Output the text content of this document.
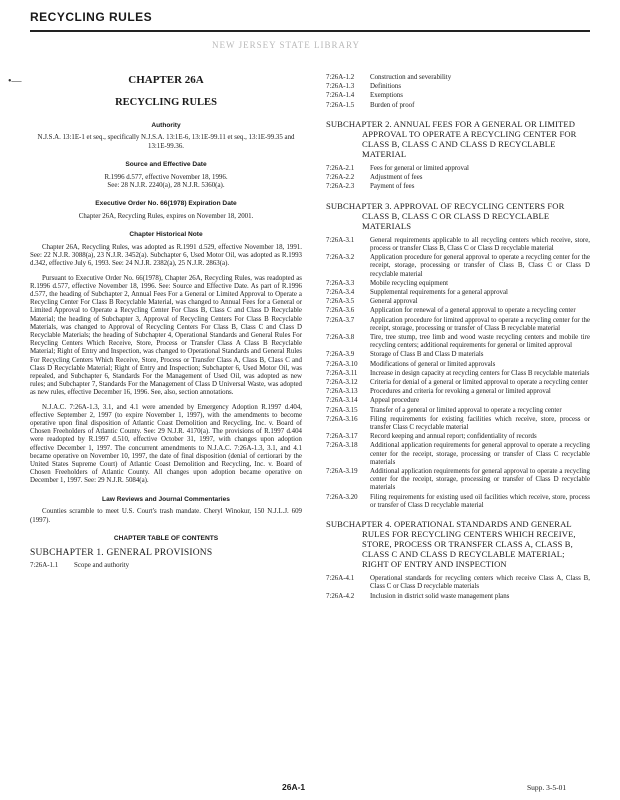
RECYCLING RULES
NEW JERSEY STATE LIBRARY
•—	CHAPTER 26A
RECYCLING RULES
Authority

N.J.S.A. 13:1E-1 et seq., specifically N.J.S.A. 13:1E-6, 13:1E-99.11 et seq., 13:1E-99.35 and 13:1E-99.36.

Source and Effective Date
R.1996 d.577, effective November 18, 1996.
See: 28 N.J.R. 2240(a), 28 N.J.R. 5360(a).
Executive Order No. 66(1978) Expiration Date
Chapter 26A, Recycling Rules, expires on November 18, 2001.
Chapter Historical Note

Chapter 26A, Recycling Rules, was adopted as R.1991 d.529, effective November 18, 1991. See: 22 N.J.R. 3088(a), 23 N.J.R. 3452(a). Subchapter 6, Used Motor Oil, was adopted as R.1993 d.342, effective July 6, 1993. See: 24 N.J.R. 2382(a), 25 N.J.R. 2863(a).

Pursuant to Executive Order No. 66(1978), Chapter 26A, Recycling Rules, was readopted as R.1996 d.577, effective November 18, 1996. See: Source and Effective Date. As part of R.1996 d.577, the heading of Subchapter 2, Annual Fees For a General or Limited Approval to Operate a Recycling Center For Class B Recyclable Material, was changed to Annual Fees for a General or Limited Approval to Operate a Recycling Center For Class B, Class C and Class D Recyclable Material; the heading of Subchapter 3, Approval of Recycling Centers For Class B Recyclable Materials, was changed to Approval of Recycling Centers For Class B, Class C and Class D Recyclable Materials; the heading of Subchapter 4, Operational Standards and General Rules For Recycling Centers Which Receive, Store, Process or Transfer Class A Class B Recyclable Material; Right of Entry and Inspection, was changed to Operational Standards and General Rules For Recycling Centers Which Receive, Store, Process or Transfer Class A, Class B, Class C and Class D Recyclable Material; Right of Entry and Inspection; Subchapter 6, Used Motor Oil, was repealed, and Subchapter 6, Standards For the Management of Used Oil, was adopted as new rules; and Subchapter 7, Standards For the Management of Class D Universal Waste, was adopted as new rules, effective December 16, 1996. See, also, section annotations.

N.J.A.C. 7:26A-1.3, 3.1, and 4.1 were amended by Emergency Adoption R.1997 d.404, effective September 2, 1997 (to expire November 1, 1997), with the amendments to become operative upon final disposition of Atlantic Coast Demolition and Recycling, Inc. v. Board of Chosen Freeholders of Atlantic County. See: 29 N.J.R. 4170(a). The provisions of R.1997 d.404 were readopted by R.1997 d.510, effective October 31, 1997, with changes upon adoption effective December 1, 1997. The concurrent amendments to N.J.A.C. 7:26A-1.3, 3.1, and 4.1 became operative on November 10, 1997, the date of final disposition (denial of certiorari by the United States Supreme Court) of Atlantic Coast Demolition and Recycling, Inc. v. Board of Chosen Freeholders of Atlantic County. All changes upon adoption became operative on December 1, 1997. See: 29 N.J.R. 5084(a).

Law Reviews and Journal Commentaries

Counties scramble to meet U.S. Court's trash mandate. Cheryl Winokur, 150 N.J.L.J. 609 (1997).

CHAPTER TABLE OF CONTENTS
SUBCHAPTER 1. GENERAL PROVISIONS
7:26A-1.1	Scope and authority
7:26A-1.2	Construction and severability
7:26A-1.3	Definitions
7:26A-1.4	Exemptions
7:26A-1.5	Burden of proof
SUBCHAPTER 2. ANNUAL FEES FOR A GENERAL OR LIMITED APPROVAL TO OPERATE A RECYCLING CENTER FOR CLASS B, CLASS C AND CLASS D RECYCLABLE MATERIAL
7:26A-2.1	Fees for general or limited approval
7:26A-2.2	Adjustment of fees
7:26A-2.3	Payment of fees
SUBCHAPTER 3. APPROVAL OF RECYCLING CENTERS FOR CLASS B, CLASS C OR CLASS D RECYCLABLE MATERIALS
7:26A-3.1	General requirements applicable to all recycling centers which receive, store, process or transfer Class B, Class C or Class D recyclable material
7:26A-3.2	Application procedure for general approval to operate a recycling center for the receipt, storage, processing or transfer of Class B, Class C or Class D recyclable material
7:26A-3.3	Mobile recycling equipment
7:26A-3.4	Supplemental requirements for a general approval
7:26A-3.5	General approval
7:26A-3.6	Application for renewal of a general approval to operate a recycling center
7:26A-3.7	Application procedure for limited approval to operate a recycling center for the receipt, storage, processing or transfer of Class B recyclable material
7:26A-3.8	Tire, tree stump, tree limb and wood waste recycling centers and mobile tire recycling centers; additional requirements for general or limited approval
7:26A-3.9	Storage of Class B and Class D materials
7:26A-3.10	Modifications of general or limited approvals
7:26A-3.11	Increase in design capacity at recycling centers for Class B recyclable materials
7:26A-3.12	Criteria for denial of a general or limited approval to operate a recycling center
7:26A-3.13	Procedures and criteria for revoking a general or limited approval
7:26A-3.14	Appeal procedure
7:26A-3.15	Transfer of a general or limited approval to operate a recycling center
7:26A-3.16	Filing requirements for existing facilities which receive, store, process or transfer Class C recyclable material
7:26A-3.17	Record keeping and annual report; confidentiality of records
7:26A-3.18	Additional application requirements for general approval to operate a recycling center for the receipt, storage, processing or transfer of Class C recyclable materials
7:26A-3.19	Additional application requirements for general approval to operate a recycling center for the receipt, storage, processing or transfer of Class D recyclable materials
7:26A-3.20	Filing requirements for existing used oil facilities which receive, store, process or transfer of Class D recyclable material
SUBCHAPTER 4. OPERATIONAL STANDARDS AND GENERAL RULES FOR RECYCLING CENTERS WHICH RECEIVE, STORE, PROCESS OR TRANSFER CLASS A, CLASS B, CLASS C AND CLASS D RECYCLABLE MATERIAL; RIGHT OF ENTRY AND INSPECTION
7:26A-4.1	Operational standards for recycling centers which receive Class A, Class B, Class C or Class D recyclable materials
7:26A-4.2	Inclusion in district solid waste management plans
26A-1	Supp. 3-5-01
